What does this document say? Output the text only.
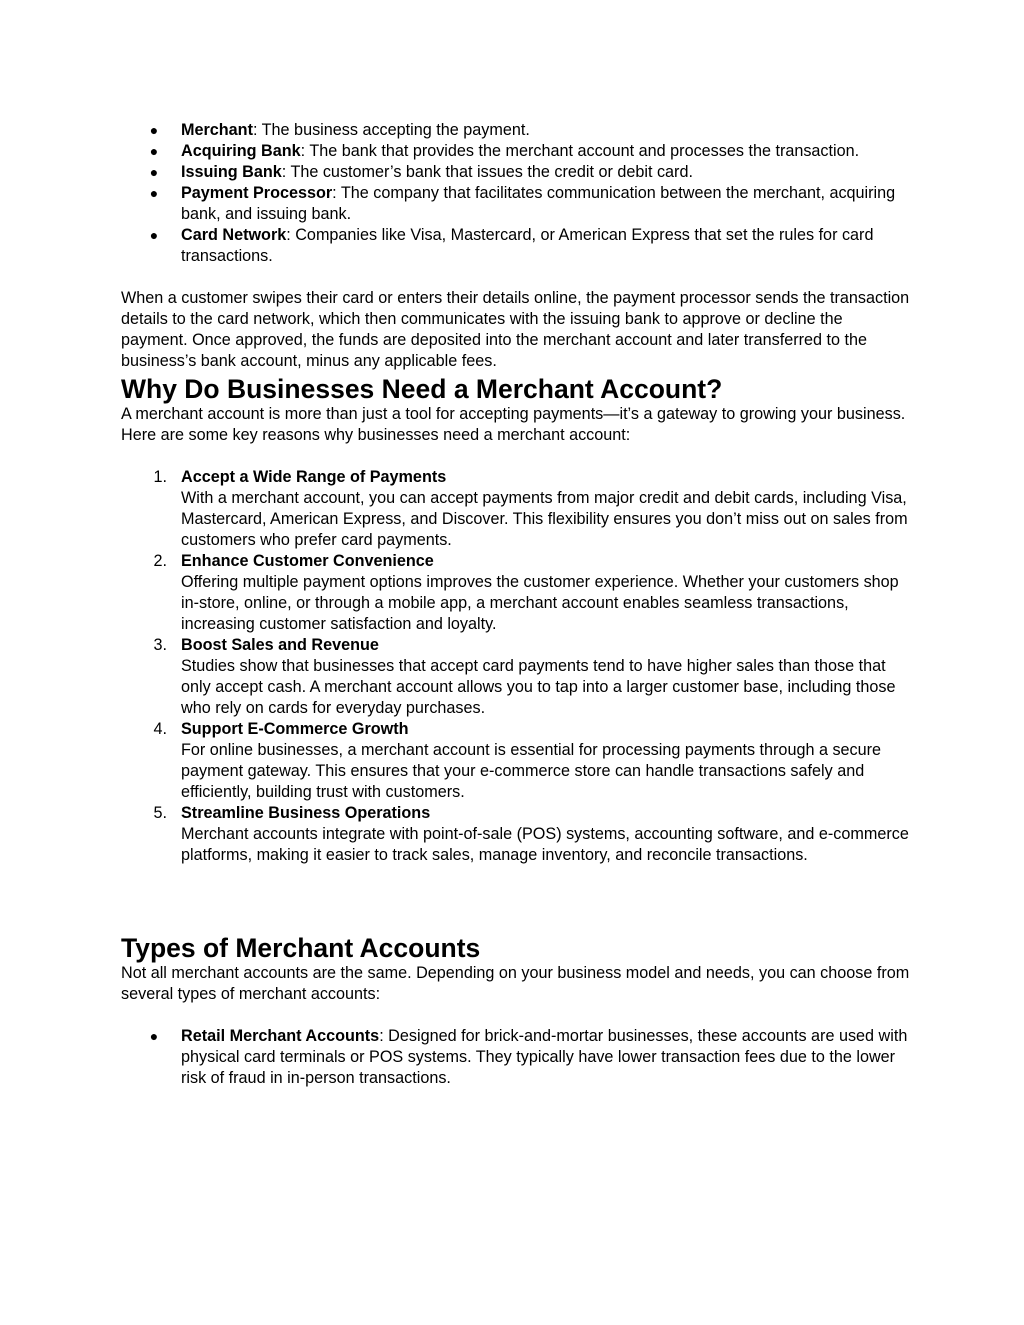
●	Merchant: The business accepting the payment.
●	Acquiring Bank: The bank that provides the merchant account and processes the transaction.
●	Issuing Bank: The customer’s bank that issues the credit or debit card.
●	Payment Processor: The company that facilitates communication between the merchant, acquiring bank, and issuing bank.
●	Card Network: Companies like Visa, Mastercard, or American Express that set the rules for card transactions.

When a customer swipes their card or enters their details online, the payment processor sends the transaction details to the card network, which then communicates with the issuing bank to approve or decline the payment. Once approved, the funds are deposited into the merchant account and later transferred to the business’s bank account, minus any applicable fees.

Why Do Businesses Need a Merchant Account?

A merchant account is more than just a tool for accepting payments—it’s a gateway to growing your business. Here are some key reasons why businesses need a merchant account:

1. Accept a Wide Range of Payments
With a merchant account, you can accept payments from major credit and debit cards, including Visa, Mastercard, American Express, and Discover. This flexibility ensures you don’t miss out on sales from customers who prefer card payments.
2. Enhance Customer Convenience
Offering multiple payment options improves the customer experience. Whether your customers shop in-store, online, or through a mobile app, a merchant account enables seamless transactions, increasing customer satisfaction and loyalty.
3. Boost Sales and Revenue
Studies show that businesses that accept card payments tend to have higher sales than those that only accept cash. A merchant account allows you to tap into a larger customer base, including those who rely on cards for everyday purchases.
4. Support E-Commerce Growth
For online businesses, a merchant account is essential for processing payments through a secure payment gateway. This ensures that your e-commerce store can handle transactions safely and efficiently, building trust with customers.
5. Streamline Business Operations
Merchant accounts integrate with point-of-sale (POS) systems, accounting software, and e-commerce platforms, making it easier to track sales, manage inventory, and reconcile transactions.
Types of Merchant Accounts

Not all merchant accounts are the same. Depending on your business model and needs, you can choose from several types of merchant accounts:

●	Retail Merchant Accounts: Designed for brick-and-mortar businesses, these accounts are used with physical card terminals or POS systems. They typically have lower transaction fees due to the lower risk of fraud in in-person transactions.
